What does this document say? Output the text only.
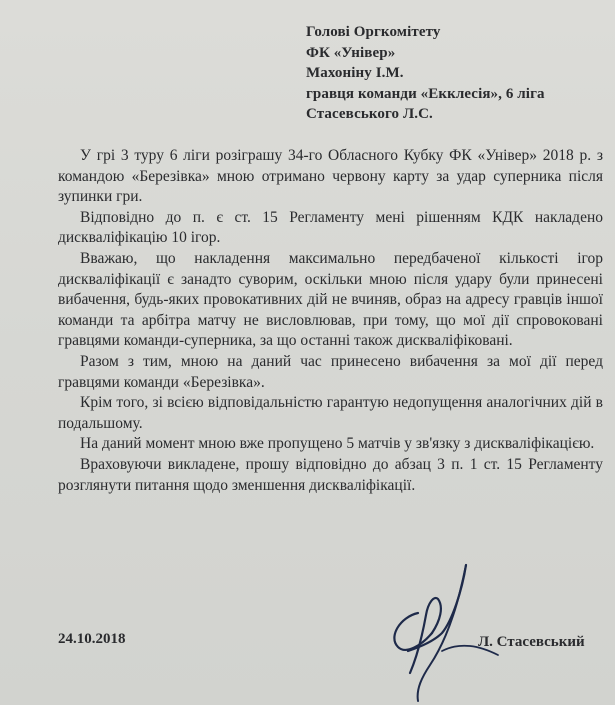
Голові Оргкомітету
ФК «Універ»
Махоніну І.М.
гравця команди «Екклесія», 6 ліга
Стасевського Л.С.

У грі 3 туру 6 ліги розіграшу 34-го Обласного Кубку ФК «Універ» 2018 р. з командою «Березівка» мною отримано червону карту за удар суперника після зупинки гри.

Відповідно до п. є ст. 15 Регламенту мені рішенням КДК накладено дискваліфікацію 10 ігор.

Вважаю, що накладення максимально передбаченої кількості ігор дискваліфікації є занадто суворим, оскільки мною після удару були принесені вибачення, будь-яких провокативних дій не вчиняв, образ на адресу гравців іншої команди та арбітра матчу не висловлював, при тому, що мої дії спровоковані гравцями команди-суперника, за що останні також дискваліфіковані.

Разом з тим, мною на даний час принесено вибачення за мої дії перед гравцями команди «Березівка».

Крім того, зі всією відповідальністю гарантую недопущення аналогічних дій в подальшому.

На даний момент мною вже пропущено 5 матчів у зв'язку з дискваліфікацією.

Враховуючи викладене, прошу відповідно до абзац 3 п. 1 ст. 15 Регламенту розглянути питання щодо зменшення дискваліфікації.

24.10.2018	Л. Стасевський
